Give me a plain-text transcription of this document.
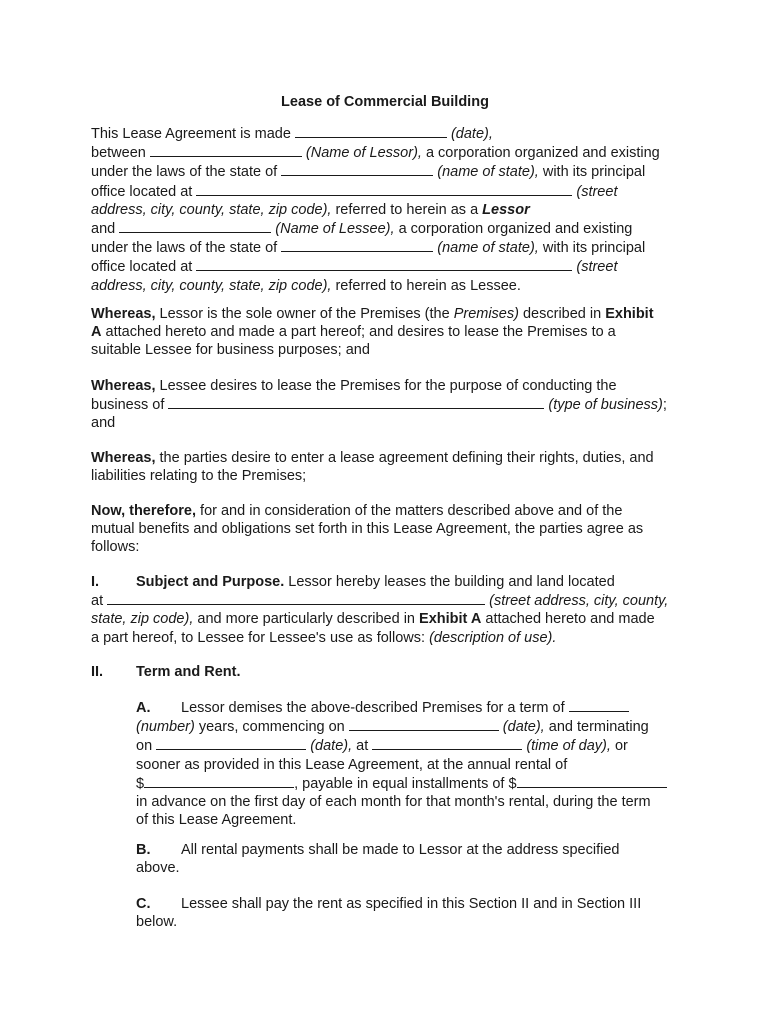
Lease of Commercial Building
This Lease Agreement is made	(date),
between	(Name of Lessor), a corporation organized and existing
under the laws of the state of	(name of state), with its principal
office located at	(street
address, city, county, state, zip code), referred to herein as a Lessor
and	(Name of Lessee), a corporation organized and existing
under the laws of the state of	(name of state), with its principal
office located at	(street
address, city, county, state, zip code), referred to herein as Lessee.
Whereas, Lessor is the sole owner of the Premises (the Premises) described in Exhibit
A attached hereto and made a part hereof; and desires to lease the Premises to a
suitable Lessee for business purposes; and
Whereas, Lessee desires to lease the Premises for the purpose of conducting the
business of	(type of business);
and
Whereas, the parties desire to enter a lease agreement defining their rights, duties, and
liabilities relating to the Premises;
Now, therefore, for and in consideration of the matters described above and of the
mutual benefits and obligations set forth in this Lease Agreement, the parties agree as
follows:
I.	Subject and Purpose. Lessor hereby leases the building and land located
at	(street address, city, county,
state, zip code), and more particularly described in Exhibit A attached hereto and made
a part hereof, to Lessee for Lessee's use as follows: (description of use).
II. Term and Rent.
A. Lessor demises the above-described Premises for a term of
(number) years, commencing on	(date), and terminating
on	(date), at	(time of day), or
sooner as provided in this Lease Agreement, at the annual rental of
$	, payable in equal installments of $
in advance on the first day of each month for that month's rental, during the term
of this Lease Agreement.
B. All rental payments shall be made to Lessor at the address specified
above.
C. Lessee shall pay the rent as specified in this Section II and in Section III
below.
